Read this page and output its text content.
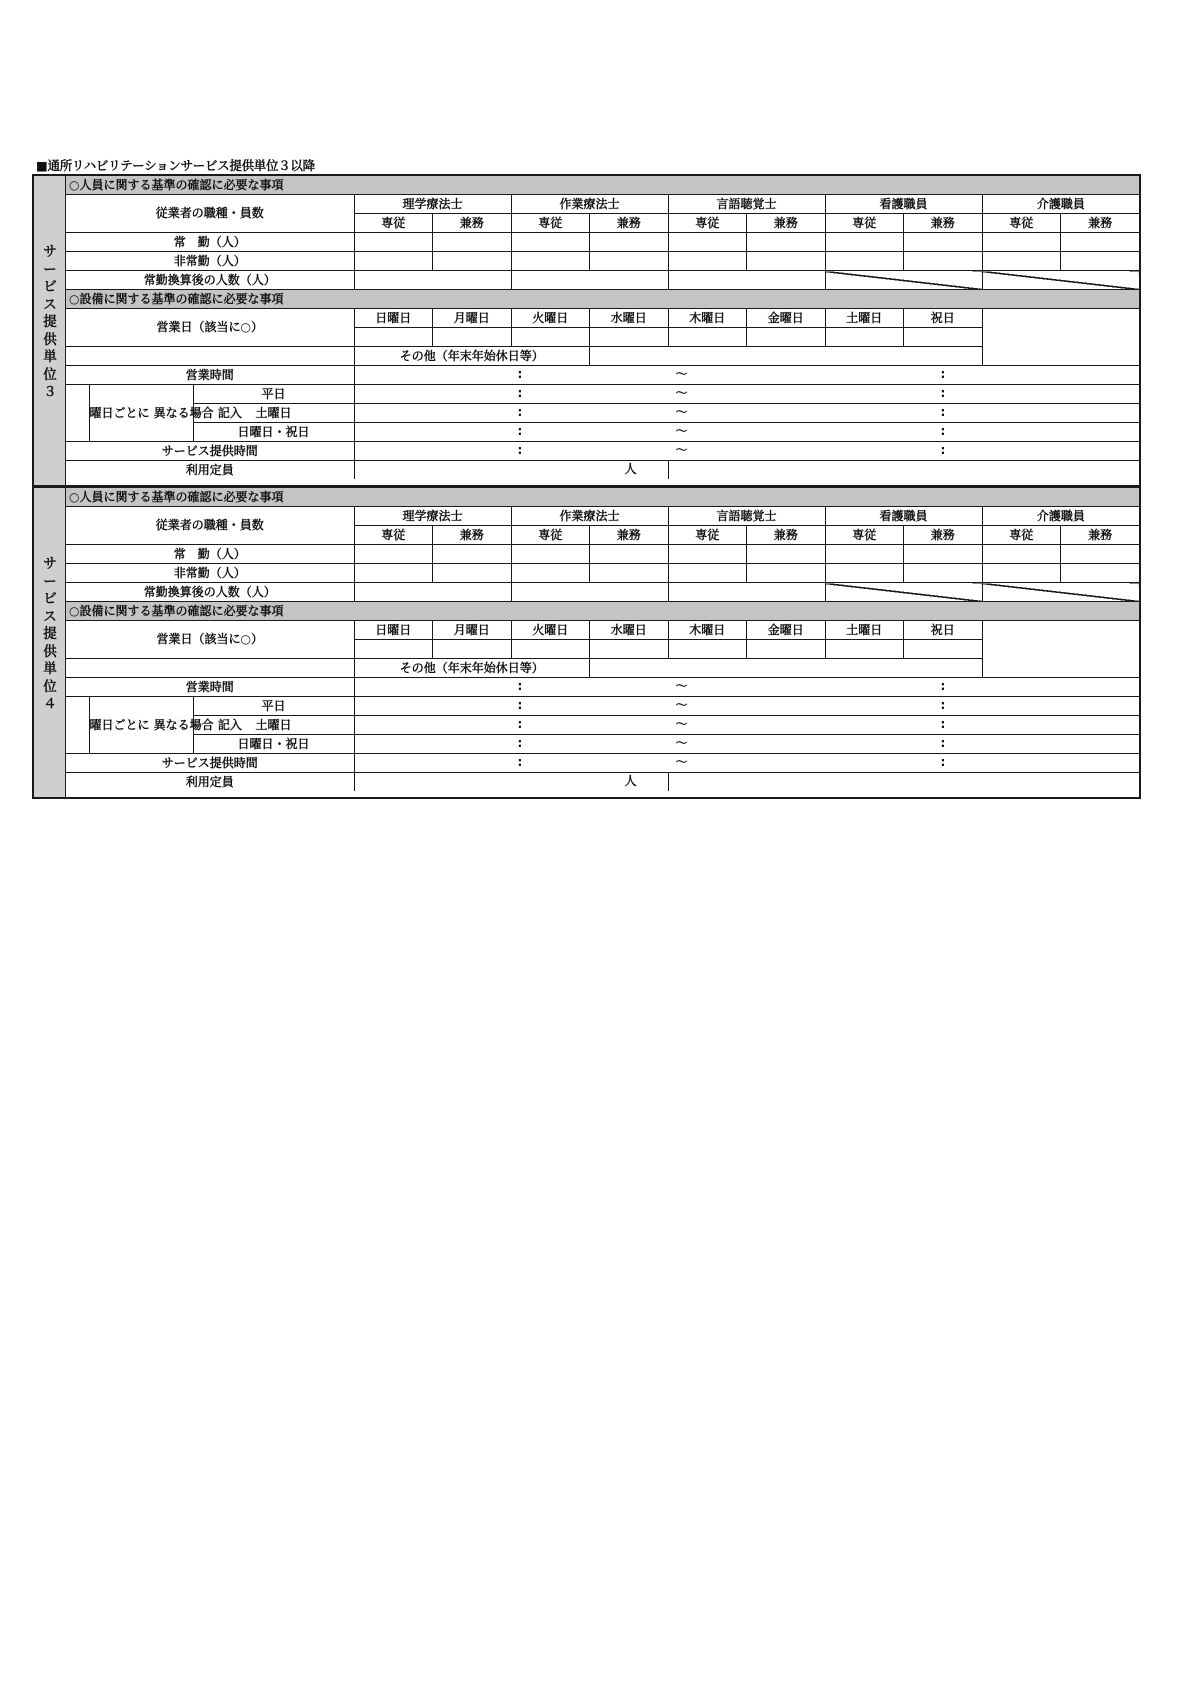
■通所リハビリテーションサービス提供単位３以降
サ
ー
ビ
ス
提
供
単
位
３
○人員に関する基準の確認に必要な事項												
従業者の職種・員数			理学療法士		作業療法士		言語聴覚士		看護職員		介護職員	
			専従	兼務	専従	兼務	専従	兼務	専従	兼務	専従	兼務
常　勤（人）												
非常勤（人）												
常勤換算後の人数（人）												
○設備に関する基準の確認に必要な事項												
営業日（該当に○）			日曜日	月曜日	火曜日	水曜日	木曜日	金曜日	土曜日	祝日		

			その他（年末年始休日等）									
営業時間			: ～ :									

	曜日ごとに 異なる場合 記入	平日	: ～ :									

		土曜日	: ～ :									

		日曜日・祝日	: ～ :									

サービス提供時間			: ～ :									

利用定員			人									

サ
ー
ビ
ス
提
供
単
位
４
○人員に関する基準の確認に必要な事項												
従業者の職種・員数			理学療法士		作業療法士		言語聴覚士		看護職員		介護職員	
			専従	兼務	専従	兼務	専従	兼務	専従	兼務	専従	兼務
常　勤（人）												
非常勤（人）												
常勤換算後の人数（人）												
○設備に関する基準の確認に必要な事項												
営業日（該当に○）			日曜日	月曜日	火曜日	水曜日	木曜日	金曜日	土曜日	祝日		

			その他（年末年始休日等）									
営業時間			: ～ :									

	曜日ごとに 異なる場合 記入	平日	: ～ :									

		土曜日	: ～ :									

		日曜日・祝日	: ～ :									

サービス提供時間			: ～ :									

利用定員			人									
